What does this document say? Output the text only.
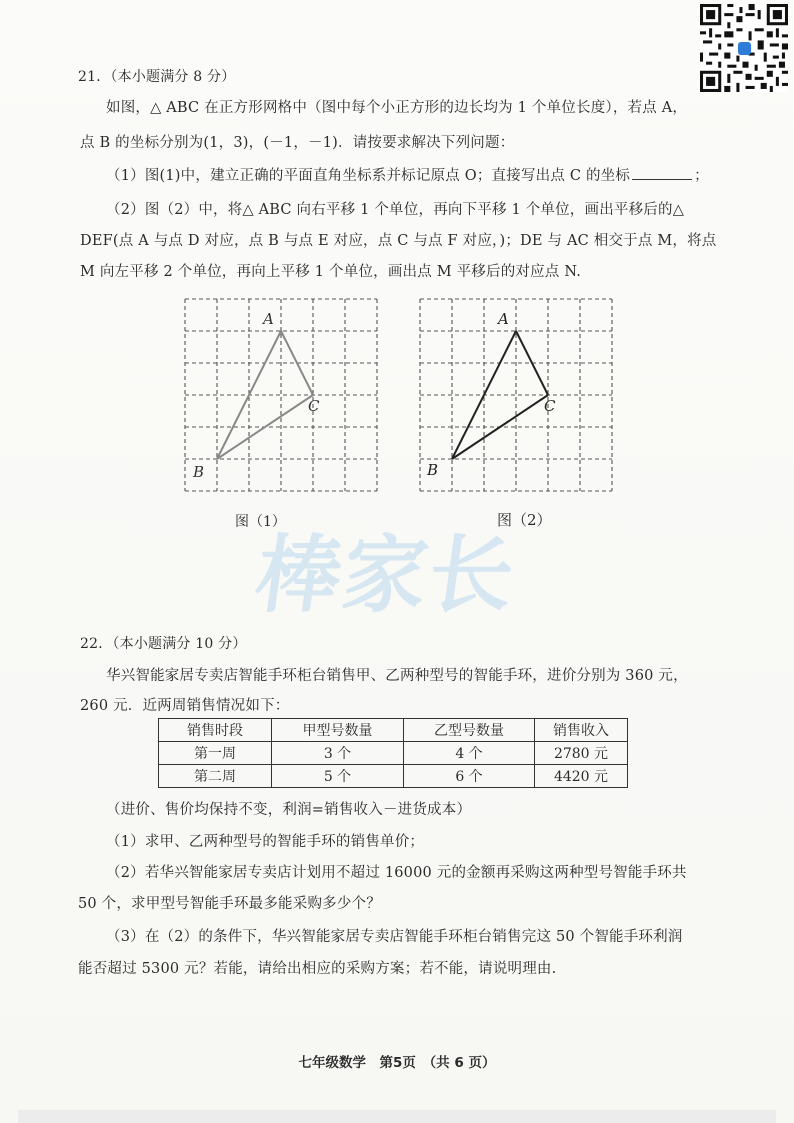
21．（本小题满分 8 分）
如图，△ ABC 在正方形网格中（图中每个小正方形的边长均为 1 个单位长度），若点 A，
点 B 的坐标分别为(1，3)，(－1，－1)．请按要求解决下列问题：
（1）图(1)中，建立正确的平面直角坐标系并标记原点 O；直接写出点 C 的坐标	；
（2）图（2）中，将△ ABC 向右平移 1 个单位，再向下平移 1 个单位，画出平移后的△
DEF(点 A 与点 D 对应，点 B 与点 E 对应，点 C 与点 F 对应，)；DE 与 AC 相交于点 M，将点
M 向左平移 2 个单位，再向上平移 1 个单位，画出点 M 平移后的对应点 N.
A
B
C
图（1）
A
B
C
图（2）
棒家长
22．（本小题满分 10 分）
华兴智能家居专卖店智能手环柜台销售甲、乙两种型号的智能手环，进价分别为 360 元，
260 元．近两周销售情况如下：
销售时段	甲型号数量	乙型号数量	销售收入
第一周	3 个	4 个	2780 元
第二周	5 个	6 个	4420 元
（进价、售价均保持不变，利润=销售收入－进货成本）
（1）求甲、乙两种型号的智能手环的销售单价；
（2）若华兴智能家居专卖店计划用不超过 16000 元的金额再采购这两种型号智能手环共
50 个，求甲型号智能手环最多能采购多少个？
（3）在（2）的条件下，华兴智能家居专卖店智能手环柜台销售完这 50 个智能手环利润
能否超过 5300 元？若能，请给出相应的采购方案；若不能，请说明理由.
七年级数学　第5页　（共 6 页）
